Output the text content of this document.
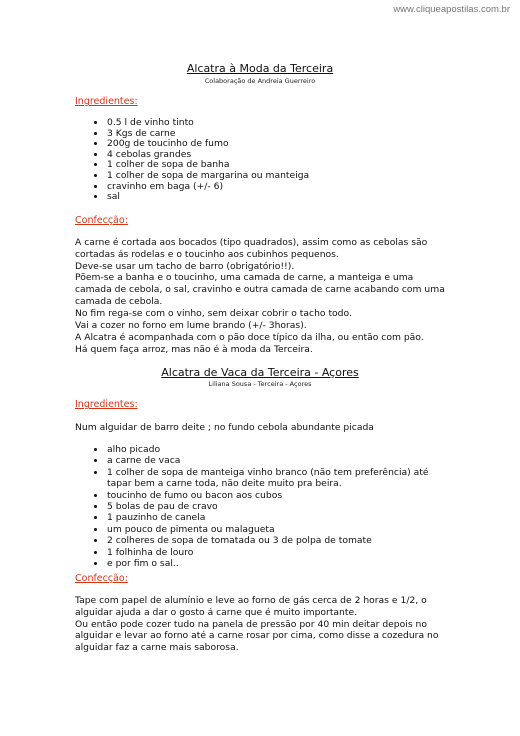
www.cliqueapostilas.com.br
Alcatra à Moda da Terceira
Colaboração de Andreia Guerreiro
Ingredientes:
• 0.5 l de vinho tinto
• 3 Kgs de carne
• 200g de toucinho de fumo
• 4 cebolas grandes
• 1 colher de sopa de banha
• 1 colher de sopa de margarina ou manteiga
• cravinho em baga (+/- 6)
• sal
Confecção:
A carne é cortada aos bocados (tipo quadrados), assim como as cebolas são cortadas ás rodelas e o toucinho aos cubinhos pequenos.
Deve-se usar um tacho de barro (obrigatório!!).
Põem-se a banha e o toucinho, uma camada de carne, a manteiga e uma camada de cebola, o sal, cravinho e outra camada de carne acabando com uma camada de cebola.
No fim rega-se com o vinho, sem deixar cobrir o tacho todo.
Vai a cozer no forno em lume brando (+/- 3horas).
A Alcatra é acompanhada com o pão doce típico da ilha, ou então com pão.
Há quem faça arroz, mas não é à moda da Terceira.
Alcatra de Vaca da Terceira - Açores
Liliana Sousa - Terceira - Açores
Ingredientes:
Num alguidar de barro deite ; no fundo cebola abundante picada
• alho picado
• a carne de vaca
• 1 colher de sopa de manteiga vinho branco (não tem preferência) até tapar bem a carne toda, não deite muito pra beira.
• toucinho de fumo ou bacon aos cubos
• 5 bolas de pau de cravo
• 1 pauzinho de canela
• um pouco de pimenta ou malagueta
• 2 colheres de sopa de tomatada ou 3 de polpa de tomate
• 1 folhinha de louro
• e por fim o sal..
Confecção:
Tape com papel de alumínio e leve ao forno de gás cerca de 2 horas e 1/2, o alguidar ajuda a dar o gosto á carne que é muito importante.
Ou então pode cozer tudo na panela de pressão por 40 min deitar depois no alguidar e levar ao forno até a carne rosar por cima, como disse a cozedura no alguidar faz a carne mais saborosa.
